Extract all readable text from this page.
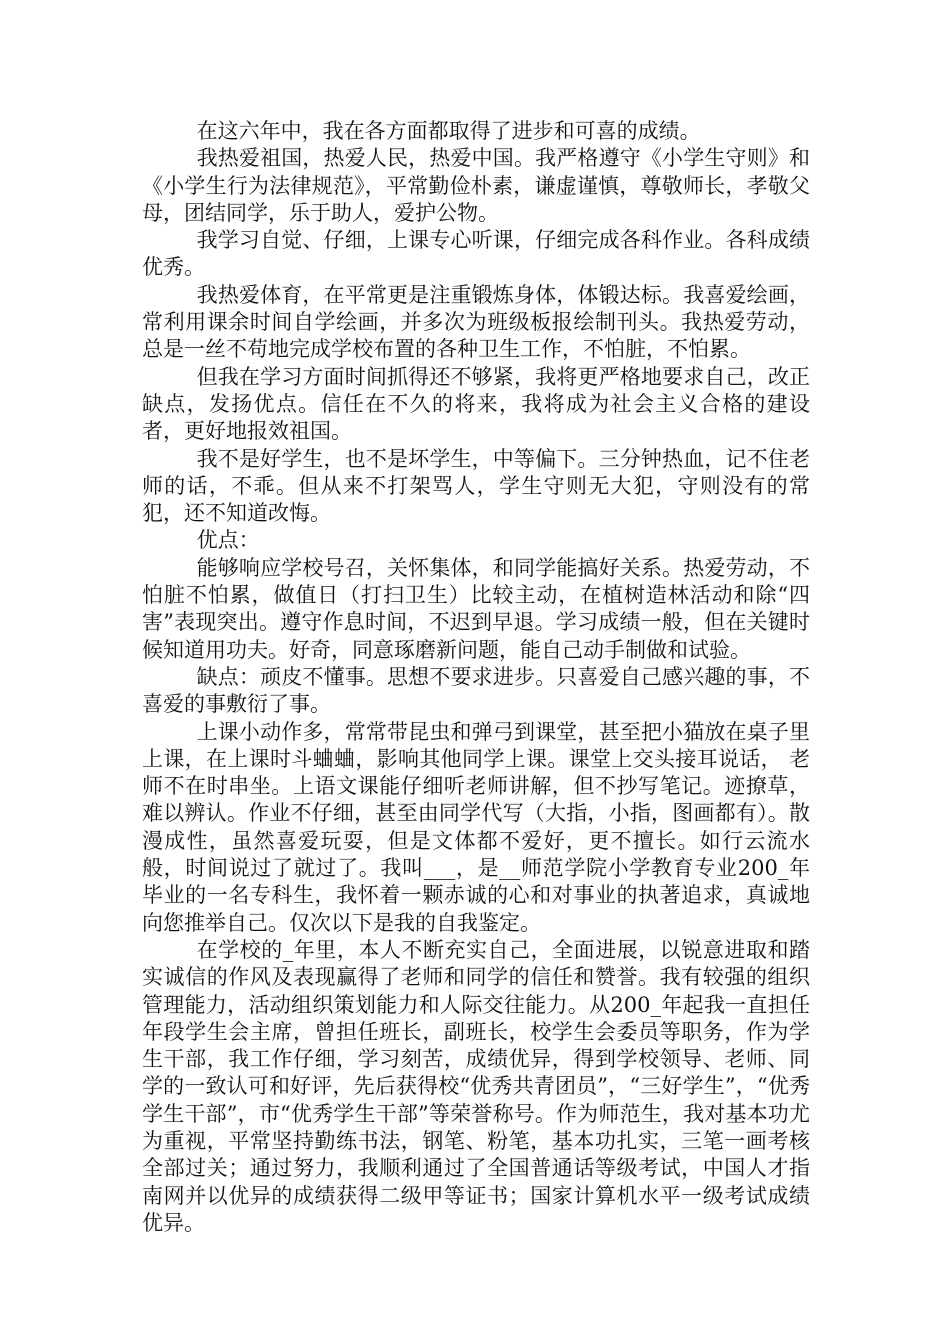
在这六年中，我在各方面都取得了进步和可喜的成绩。

我热爱祖国，热爱人民，热爱中国。我严格遵守《小学生守则》和《小学生行为法律规范》，平常勤俭朴素，谦虚谨慎，尊敬师长，孝敬父母，团结同学，乐于助人，爱护公物。

我学习自觉、仔细，上课专心听课，仔细完成各科作业。各科成绩优秀。

我热爱体育，在平常更是注重锻炼身体，体锻达标。我喜爱绘画，常利用课余时间自学绘画，并多次为班级板报绘制刊头。我热爱劳动，总是一丝不苟地完成学校布置的各种卫生工作，不怕脏，不怕累。

但我在学习方面时间抓得还不够紧，我将更严格地要求自己，改正缺点，发扬优点。信任在不久的将来，我将成为社会主义合格的建设者，更好地报效祖国。

我不是好学生，也不是坏学生，中等偏下。三分钟热血，记不住老师的话，不乖。但从来不打架骂人，学生守则无大犯，守则没有的常犯，还不知道改悔。

优点：

能够响应学校号召，关怀集体，和同学能搞好关系。热爱劳动，不怕脏不怕累，做值日（打扫卫生）比较主动，在植树造林活动和除“四害”表现突出。遵守作息时间，不迟到早退。学习成绩一般，但在关键时候知道用功夫。好奇，同意琢磨新问题，能自己动手制做和试验。

缺点：顽皮不懂事。思想不要求进步。只喜爱自己感兴趣的事，不喜爱的事敷衍了事。

上课小动作多，常常带昆虫和弹弓到课堂，甚至把小猫放在桌子里上课，在上课时斗蛐蛐，影响其他同学上课。课堂上交头接耳说话， 老师不在时串坐。上语文课能仔细听老师讲解，但不抄写笔记。迹撩草，难以辨认。作业不仔细，甚至由同学代写（大指，小指，图画都有）。散漫成性，虽然喜爱玩耍，但是文体都不爱好，更不擅长。如行云流水般，时间说过了就过了。我叫___，是__师范学院小学教育专业200_年毕业的一名专科生，我怀着一颗赤诚的心和对事业的执著追求，真诚地向您推举自己。仅次以下是我的自我鉴定。

在学校的_年里，本人不断充实自己，全面进展，以锐意进取和踏实诚信的作风及表现赢得了老师和同学的信任和赞誉。我有较强的组织管理能力，活动组织策划能力和人际交往能力。从200_年起我一直担任年段学生会主席，曾担任班长，副班长，校学生会委员等职务，作为学生干部，我工作仔细，学习刻苦，成绩优异，得到学校领导、老师、同学的一致认可和好评，先后获得校“优秀共青团员”，“三好学生”，“优秀学生干部”，市“优秀学生干部”等荣誉称号。作为师范生，我对基本功尤为重视，平常坚持勤练书法，钢笔、粉笔，基本功扎实，三笔一画考核全部过关；通过努力，我顺利通过了全国普通话等级考试，中国人才指南网并以优异的成绩获得二级甲等证书；国家计算机水平一级考试成绩优异。
